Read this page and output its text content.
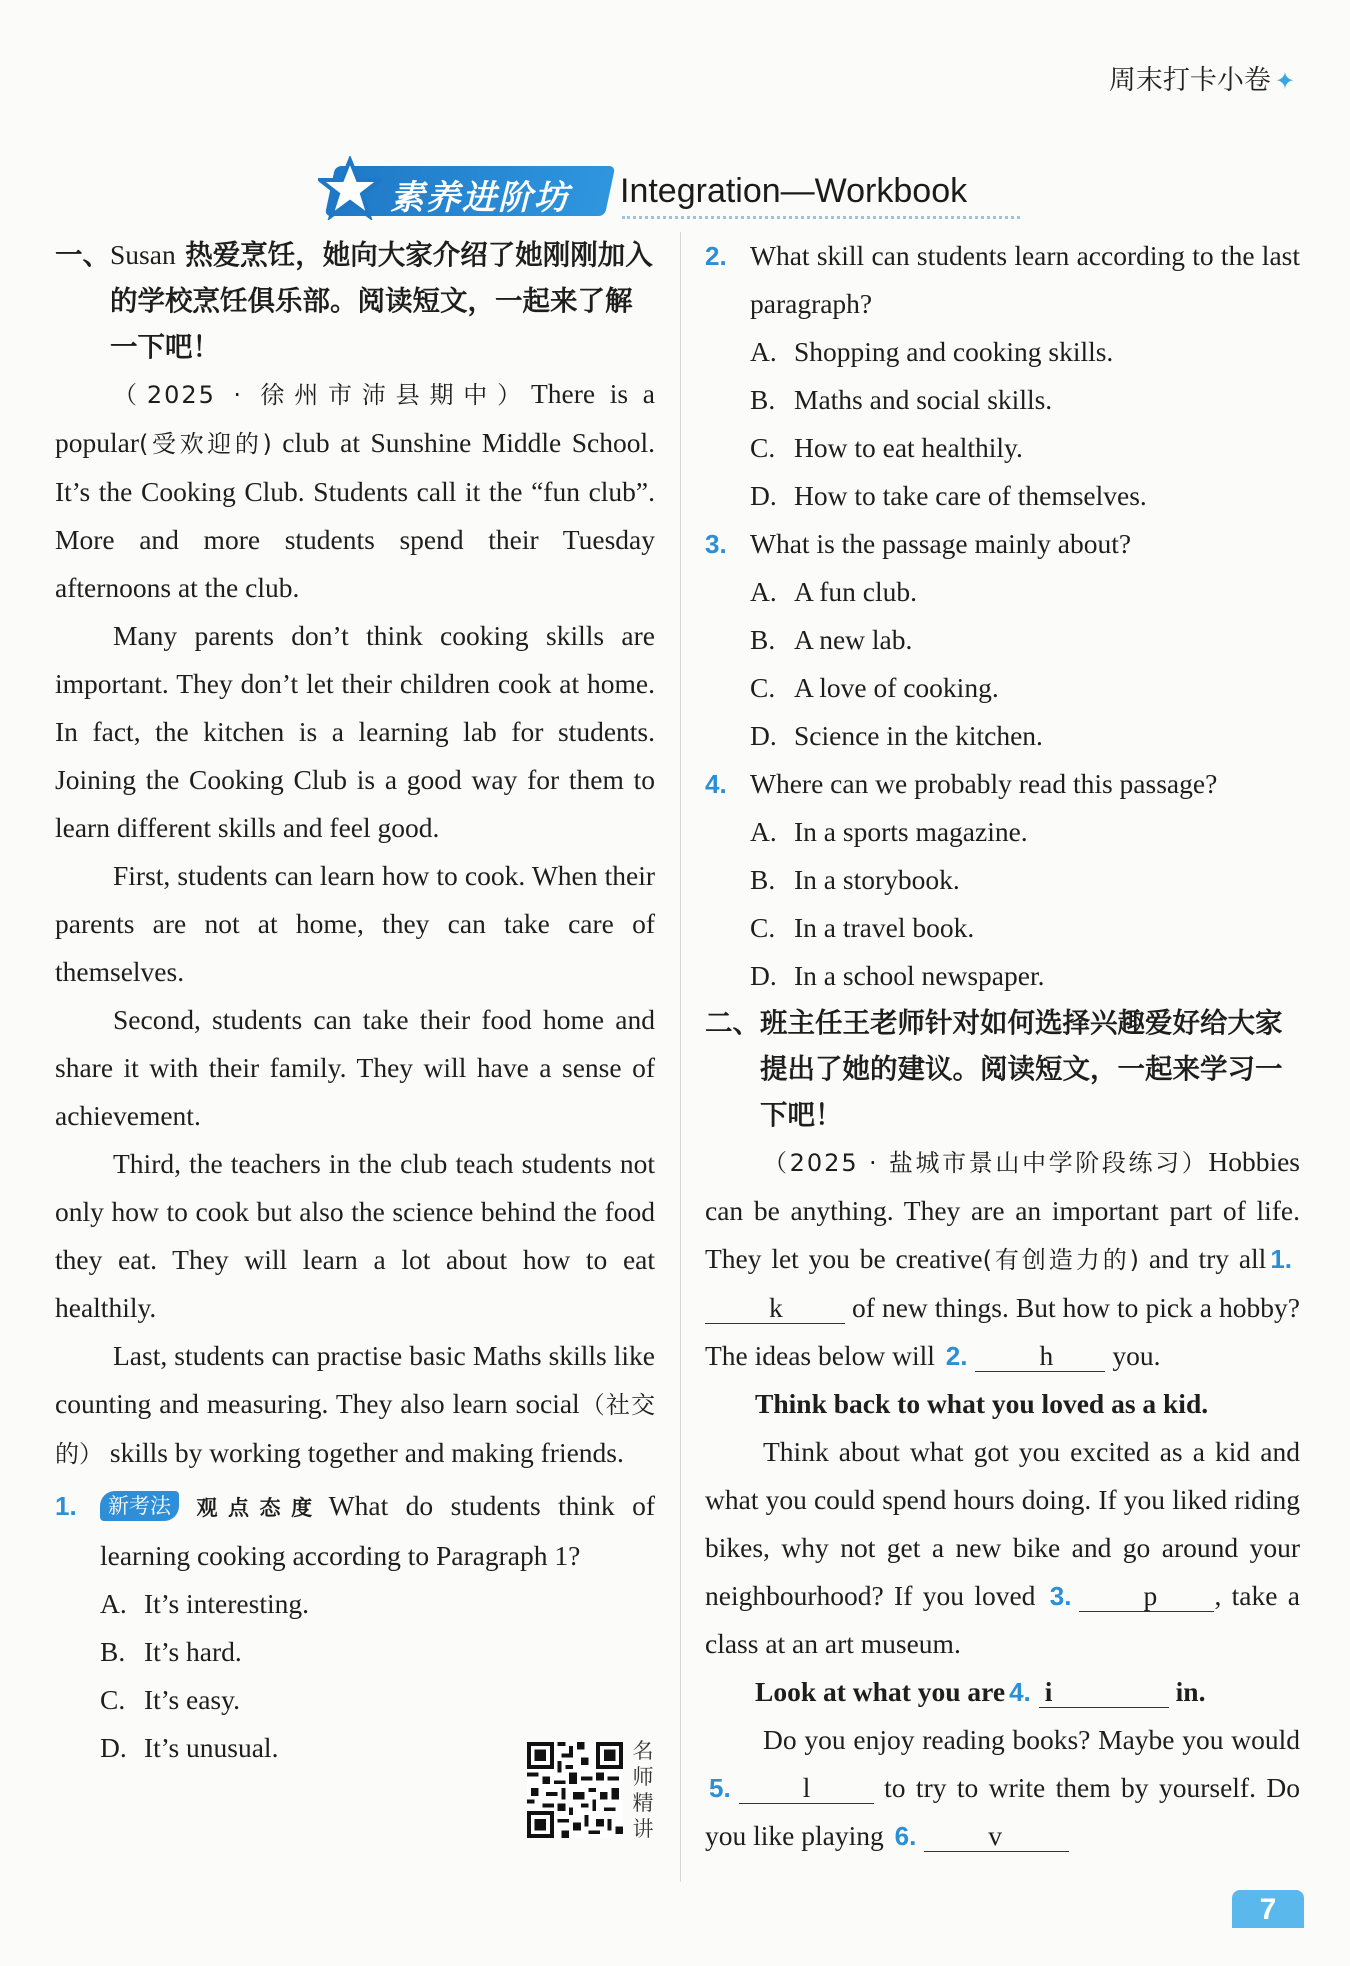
周末打卡小卷 ✦
素养进阶坊 Integration—Workbook
一、Susan 热爱烹饪，她向大家介绍了她刚刚加入的学校烹饪俱乐部。阅读短文，一起来了解一下吧！

（2025 · 徐州市沛县期中）There is a popular(受欢迎的) club at Sunshine Middle School. It’s the Cooking Club. Students call it the “fun club”. More and more students spend their Tuesday afternoons at the club.

Many parents don’t think cooking skills are important. They don’t let their children cook at home. In fact, the kitchen is a learning lab for students. Joining the Cooking Club is a good way for them to learn different skills and feel good.

First, students can learn how to cook. When their parents are not at home, they can take care of themselves.

Second, students can take their food home and share it with their family. They will have a sense of achievement.

Third, the teachers in the club teach students not only how to cook but also the science behind the food they eat. They will learn a lot about how to eat healthily.

Last, students can practise basic Maths skills like counting and measuring. They also learn social（社交的） skills by working together and making friends.

1. 新考法 观点态度 What do students think of learning cooking according to Paragraph 1?
A. It’s interesting.
B. It’s hard.
C. It’s easy.
D. It’s unusual.	名师精讲
2. What skill can students learn according to the last paragraph?
A. Shopping and cooking skills.
B. Maths and social skills.
C. How to eat healthily.
D. How to take care of themselves.
3. What is the passage mainly about?
A. A fun club.
B. A new lab.
C. A love of cooking.
D. Science in the kitchen.
4. Where can we probably read this passage?
A. In a sports magazine.
B. In a storybook.
C. In a travel book.
D. In a school newspaper.
二、班主任王老师针对如何选择兴趣爱好给大家提出了她的建议。阅读短文，一起来学习一下吧！

（2025 · 盐城市景山中学阶段练习）Hobbies can be anything. They are an important part of life. They let you be creative(有创造力的) and try all 1.k of new things. But how to pick a hobby? The ideas below will 2.	h you.

Think back to what you loved as a kid.

Think about what got you excited as a kid and what you could spend hours doing. If you liked riding bikes, why not get a new bike and go around your neighbourhood? If you loved 3.	p , take a class at an art museum.

Look at what you are 4. i	in.

Do you enjoy reading books? Maybe you would 5.	l to try to write them by yourself. Do you like playing 6.	v

7
